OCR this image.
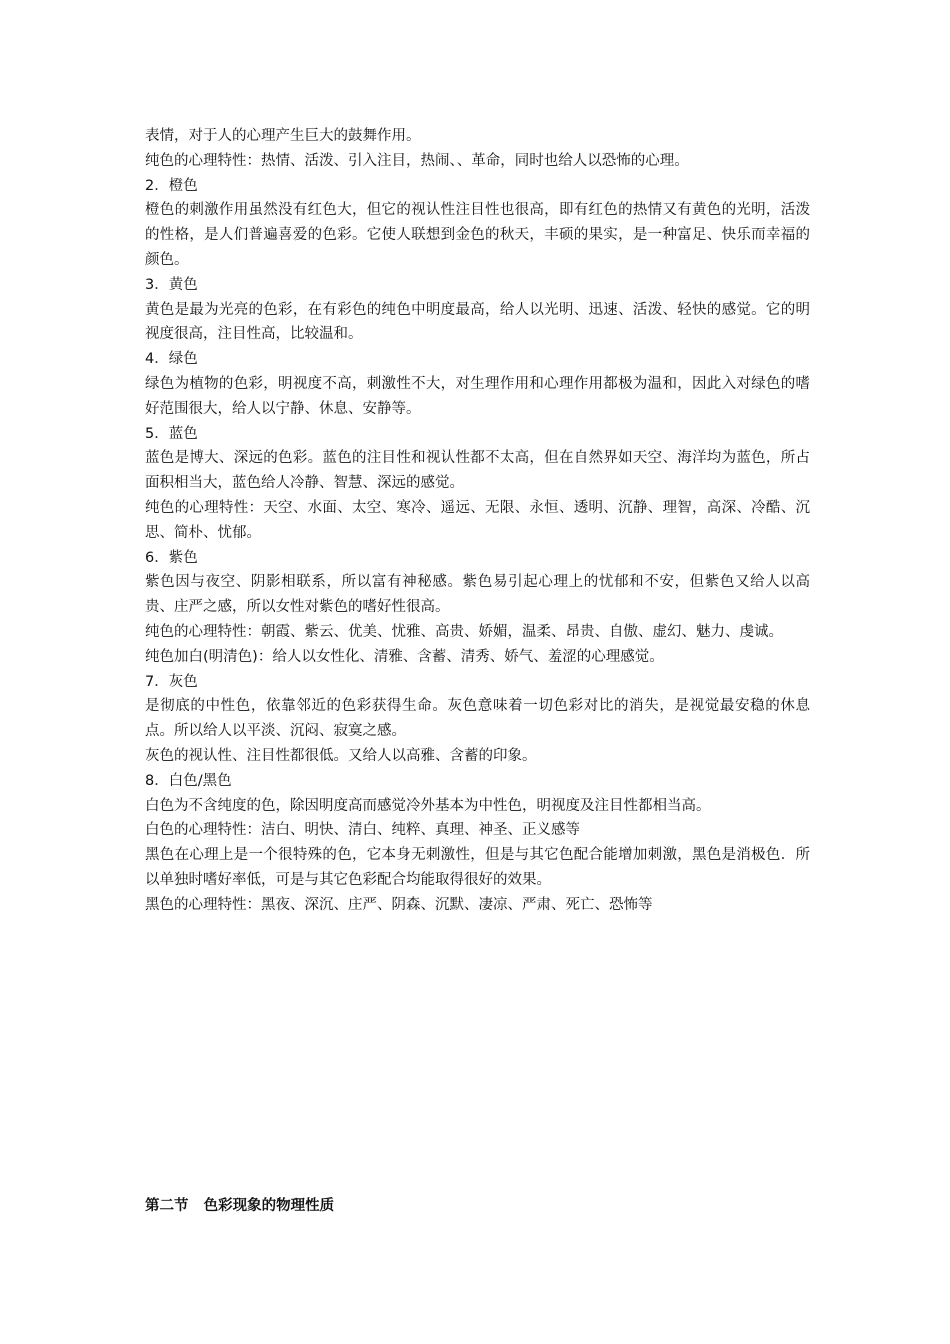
表情，对于人的心理产生巨大的鼓舞作用。

纯色的心理特性：热情、活泼、引入注目，热闹、、革命，同时也给人以恐怖的心理。

2．橙色

橙色的刺激作用虽然没有红色大，但它的视认性注目性也很高，即有红色的热情又有黄色的光明，活泼的性格，是人们普遍喜爱的色彩。它使人联想到金色的秋天，丰硕的果实，是一种富足、快乐而幸福的颜色。

3．黄色

黄色是最为光亮的色彩，在有彩色的纯色中明度最高，给人以光明、迅速、活泼、轻快的感觉。它的明视度很高，注目性高，比较温和。

4．绿色

绿色为植物的色彩，明视度不高，刺激性不大，对生理作用和心理作用都极为温和，因此入对绿色的嗜好范围很大，给人以宁静、休息、安静等。

5．蓝色

蓝色是博大、深远的色彩。蓝色的注目性和视认性都不太高，但在自然界如天空、海洋均为蓝色，所占面积相当大，蓝色给人冷静、智慧、深远的感觉。

纯色的心理特性：天空、水面、太空、寒冷、遥远、无限、永恒、透明、沉静、理智，高深、冷酷、沉思、简朴、忧郁。

6．紫色

紫色因与夜空、阴影相联系，所以富有神秘感。紫色易引起心理上的忧郁和不安，但紫色又给人以高贵、庄严之感，所以女性对紫色的嗜好性很高。

纯色的心理特性：朝霞、紫云、优美、忧雅、高贵、娇媚，温柔、昂贵、自傲、虚幻、魅力、虔诚。

纯色加白(明清色)：给人以女性化、清雅、含蓄、清秀、娇气、羞涩的心理感觉。

7．灰色

是彻底的中性色，依靠邻近的色彩获得生命。灰色意味着一切色彩对比的消失，是视觉最安稳的休息点。所以给人以平淡、沉闷、寂寞之感。

灰色的视认性、注目性都很低。又给人以高雅、含蓄的印象。

8．白色/黑色

白色为不含纯度的色，除因明度高而感觉冷外基本为中性色，明视度及注目性都相当高。

白色的心理特性：洁白、明快、清白、纯粹、真理、神圣、正义感等

黑色在心理上是一个很特殊的色，它本身无刺激性，但是与其它色配合能增加刺激，黑色是消极色．所以单独时嗜好率低，可是与其它色彩配合均能取得很好的效果。

黑色的心理特性：黑夜、深沉、庄严、阴森、沉默、凄凉、严肃、死亡、恐怖等

第二节   色彩现象的物理性质
